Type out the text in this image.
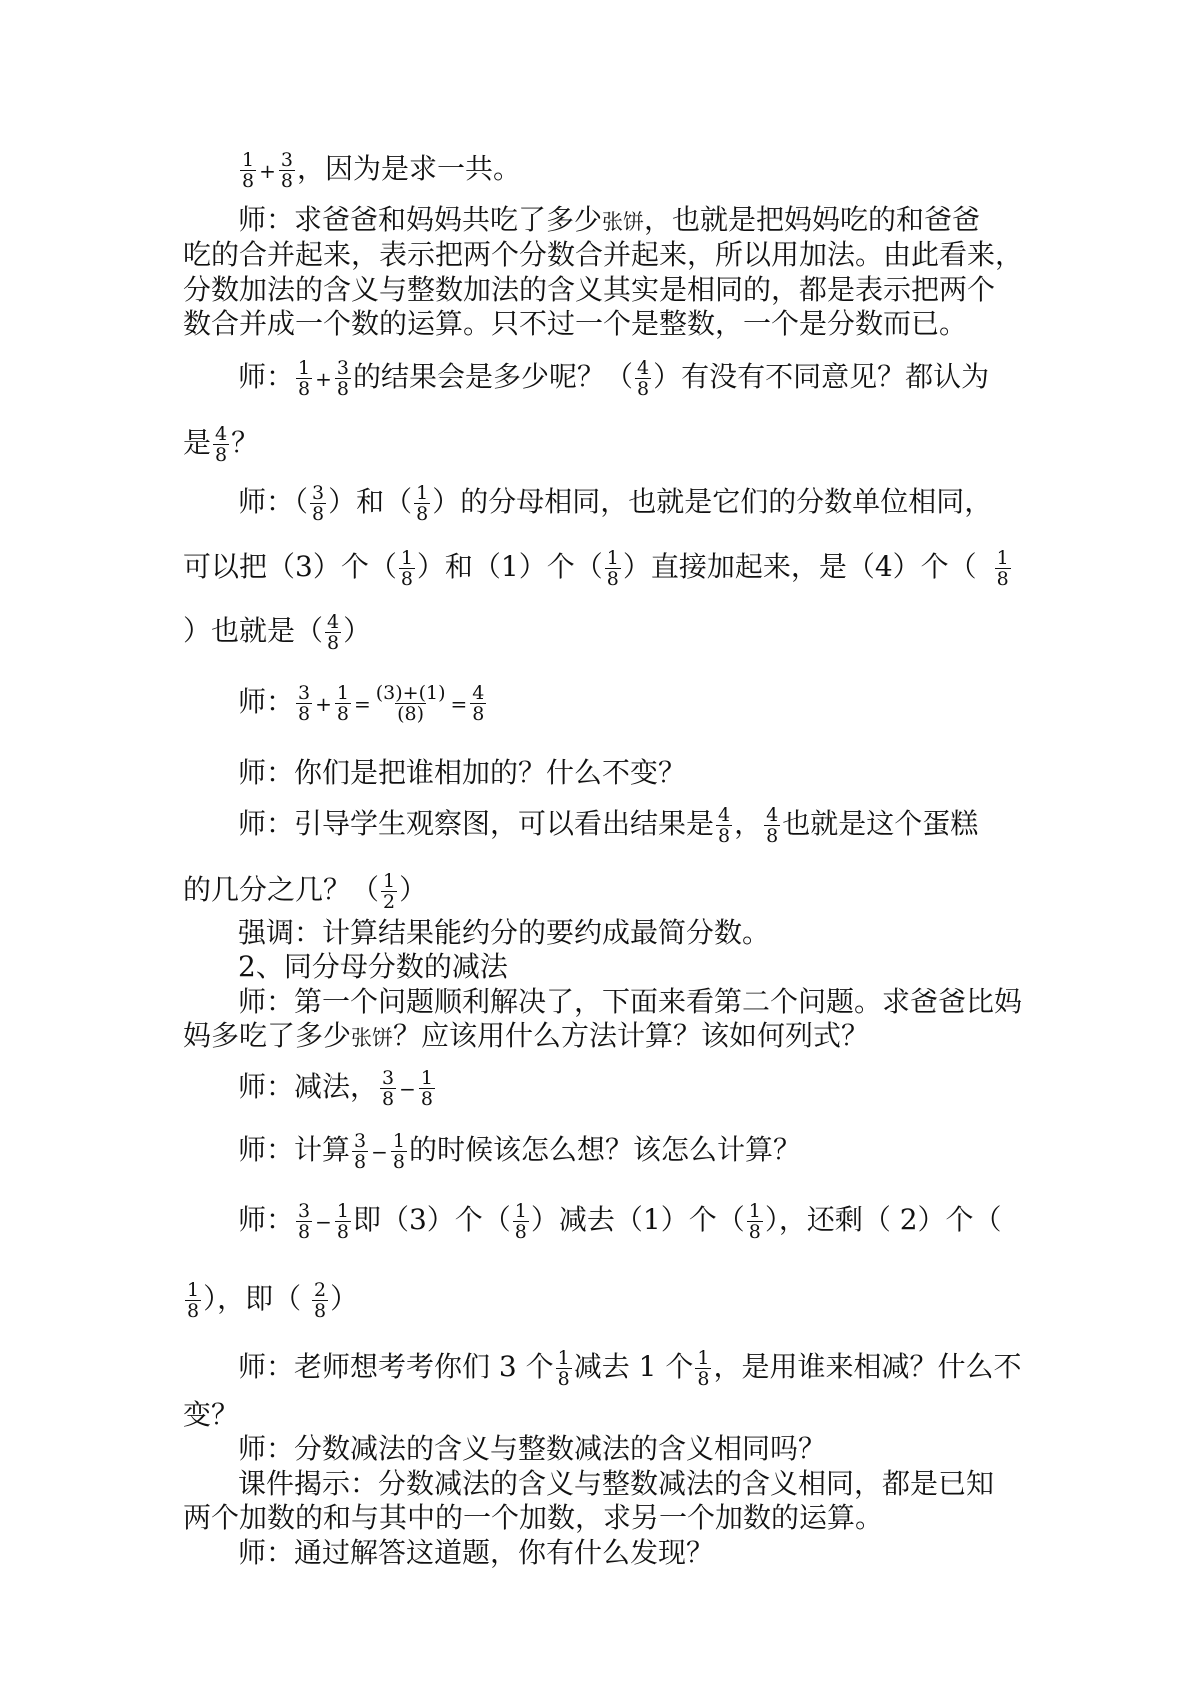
$\frac{1}{8} + \frac{3}{8}$ ，因为是求一共。
师：求爸爸和妈妈共吃了多少张饼，也就是把妈妈吃的和爸爸
吃的合并起来，表示把两个分数合并起来，所以用加法。由此看来，
分数加法的含义与整数加法的含义其实是相同的，都是表示把两个
数合并成一个数的运算。只不过一个是整数，一个是分数而已。
师： $\frac{1}{8} + \frac{3}{8}$ 的结果会是多少呢？（ $\frac{4}{8}$ ）有没有不同意见？都认为
是 $\frac{4}{8}$ ？
师：（ $\frac{3}{8}$ ）和（ $\frac{1}{8}$ ）的分母相同，也就是它们的分数单位相同，
可以把（3）个（ $\frac{1}{8}$ ）和（1）个（ $\frac{1}{8}$ ）直接加起来，是（4）个（ $\frac{1}{8}$
）也就是（ $\frac{4}{8}$ ）
师： $\frac{3}{8} + \frac{1}{8} = \frac{(3)+(1)}{(8)} = \frac{4}{8}$
师：你们是把谁相加的？什么不变？
师：引导学生观察图，可以看出结果是 $\frac{4}{8}$ ， $\frac{4}{8}$ 也就是这个蛋糕
的几分之几？（ $\frac{1}{2}$ ）
强调：计算结果能约分的要约成最简分数。
2、同分母分数的减法
师：第一个问题顺利解决了，下面来看第二个问题。求爸爸比妈
妈多吃了多少张饼？应该用什么方法计算？该如何列式？
师：减法， $\frac{3}{8} - \frac{1}{8}$
师：计算 $\frac{3}{8} - \frac{1}{8}$ 的时候该怎么想？该怎么计算？
师： $\frac{3}{8} - \frac{1}{8}$ 即（3）个（ $\frac{1}{8}$ ）减去（1）个（ $\frac{1}{8}$ ），还剩（ 2）个（
$\frac{1}{8}$ ），即（ $\frac{2}{8}$ ）
师：老师想考考你们 3 个 $\frac{1}{8}$ 减去 1 个 $\frac{1}{8}$ ，是用谁来相减？什么不
变？
师：分数减法的含义与整数减法的含义相同吗？
课件揭示：分数减法的含义与整数减法的含义相同，都是已知
两个加数的和与其中的一个加数，求另一个加数的运算。
师：通过解答这道题，你有什么发现？
